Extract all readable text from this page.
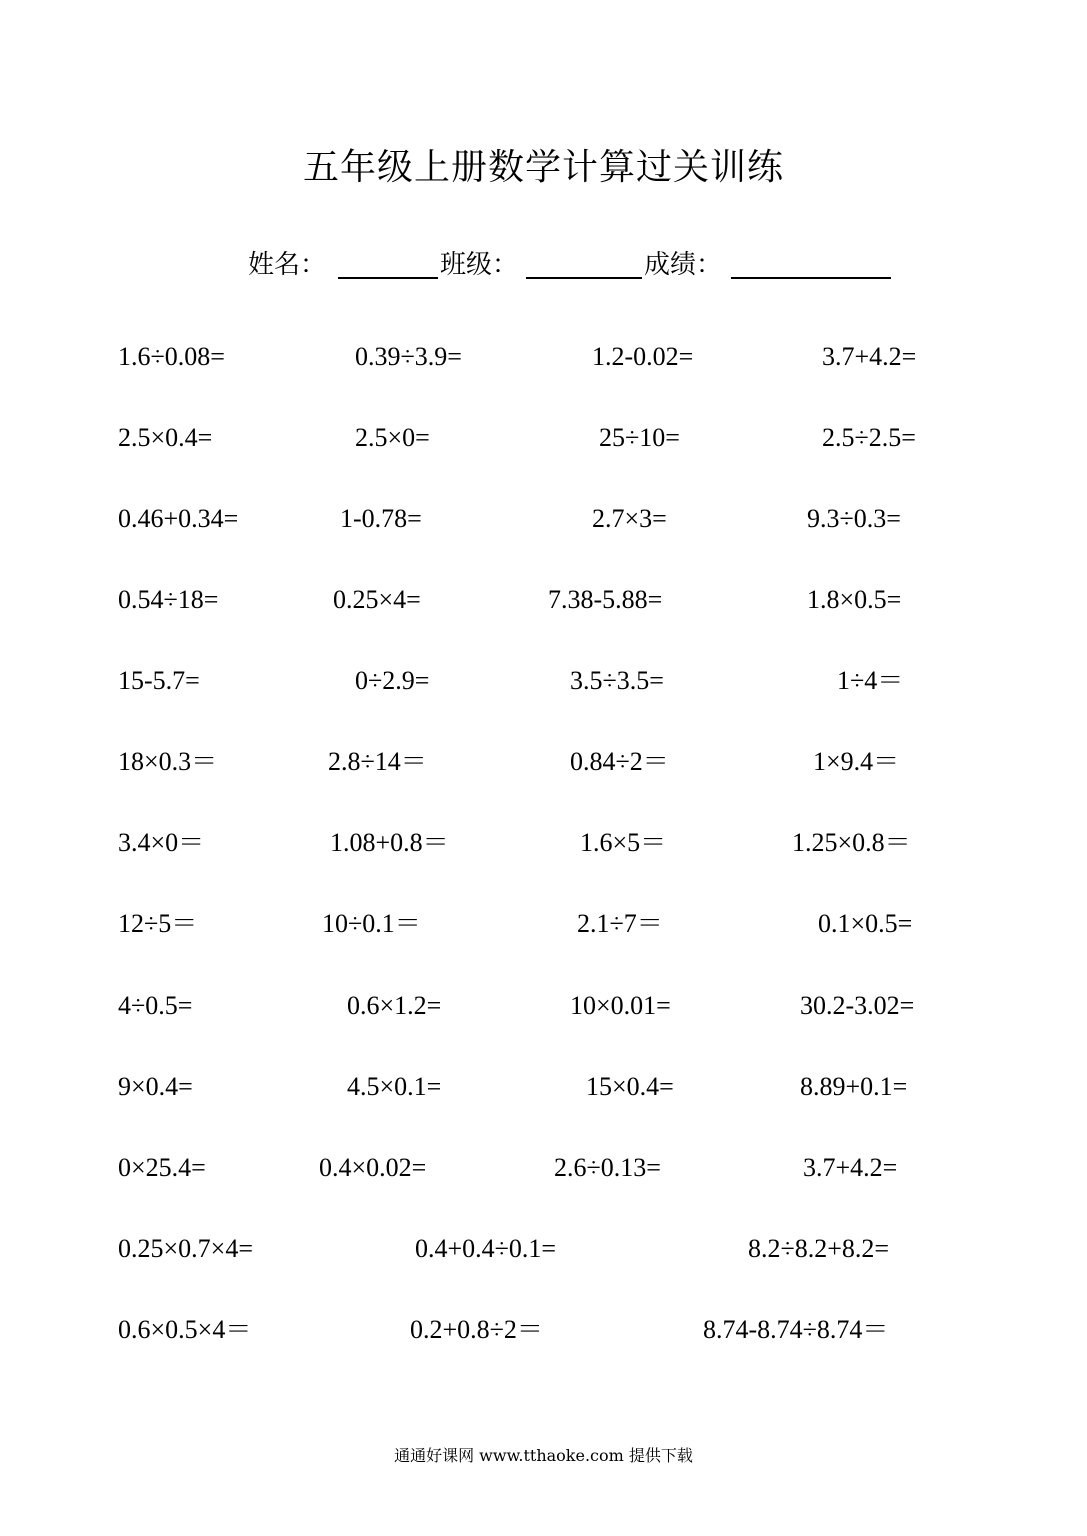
五年级上册数学计算过关训练
姓名：	班级：	成绩：
1.6÷0.08=	0.39÷3.9=	1.2-0.02=	3.7+4.2=
2.5×0.4=	2.5×0=	25÷10=	2.5÷2.5=
0.46+0.34=	1-0.78=	2.7×3=	9.3÷0.3=
0.54÷18=	0.25×4=	7.38-5.88=	1.8×0.5=
15-5.7=	0÷2.9=	3.5÷3.5=	1÷4＝
18×0.3＝	2.8÷14＝	0.84÷2＝	1×9.4＝
3.4×0＝	1.08+0.8＝	1.6×5＝	1.25×0.8＝
12÷5＝	10÷0.1＝	2.1÷7＝	0.1×0.5=
4÷0.5=	0.6×1.2=	10×0.01=	30.2-3.02=
9×0.4=	4.5×0.1=	15×0.4=	8.89+0.1=
0×25.4=	0.4×0.02=	2.6÷0.13=	3.7+4.2=
0.25×0.7×4=	0.4+0.4÷0.1=	8.2÷8.2+8.2=
0.6×0.5×4＝	0.2+0.8÷2＝	8.74-8.74÷8.74＝
通通好课网 www.tthaoke.com 提供下载
